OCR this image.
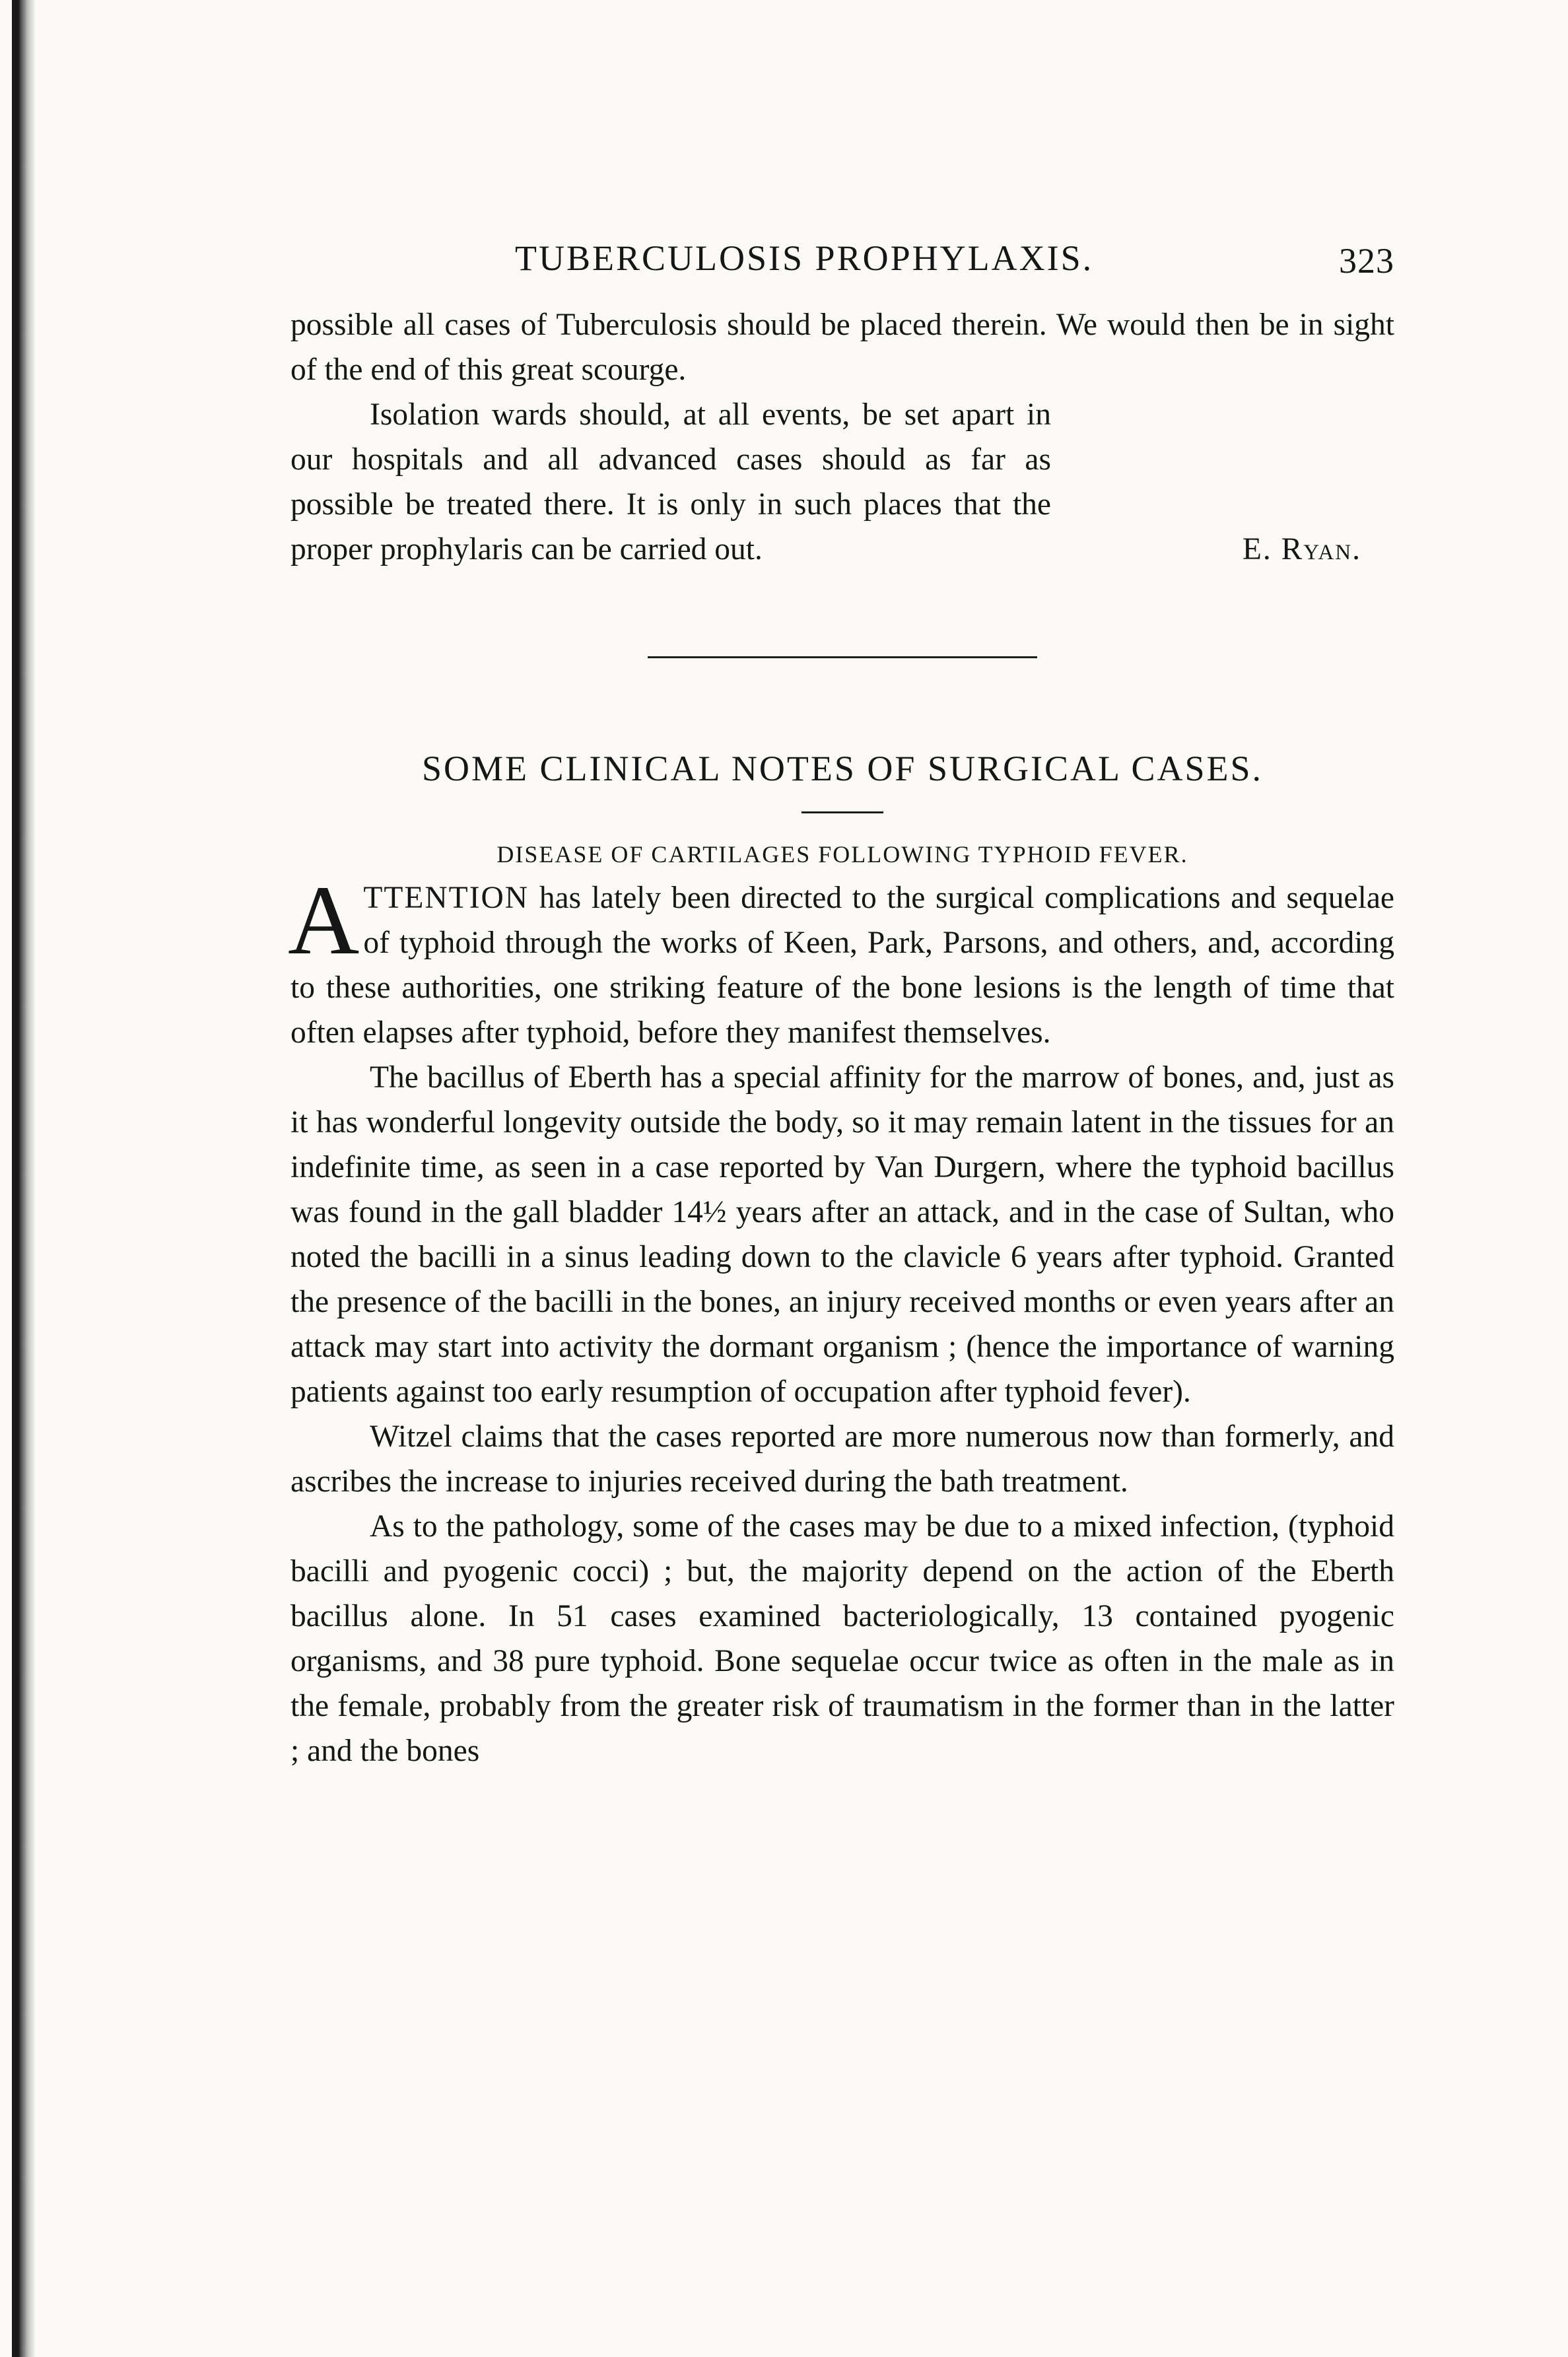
TUBERCULOSIS PROPHYLAXIS.	323

possible all cases of Tuberculosis should be placed therein. We would then be in sight of the end of this great scourge.

Isolation wards should, at all events, be set apart in our hospitals and all advanced cases should as far as possible be treated there. It is only in such places that the proper prophylaris can be carried out.	E. Ryan.
SOME CLINICAL NOTES OF SURGICAL CASES.
DISEASE OF CARTILAGES FOLLOWING TYPHOID FEVER.

ATTENTION has lately been directed to the surgical complications and sequelae of typhoid through the works of Keen, Park, Parsons, and others, and, according to these authorities, one striking feature of the bone lesions is the length of time that often elapses after typhoid, before they manifest themselves.

The bacillus of Eberth has a special affinity for the marrow of bones, and, just as it has wonderful longevity outside the body, so it may remain latent in the tissues for an indefinite time, as seen in a case reported by Van Durgern, where the typhoid bacillus was found in the gall bladder 14½ years after an attack, and in the case of Sultan, who noted the bacilli in a sinus leading down to the clavicle 6 years after typhoid. Granted the presence of the bacilli in the bones, an injury received months or even years after an attack may start into activity the dormant organism ; (hence the importance of warning patients against too early resumption of occupation after typhoid fever).

Witzel claims that the cases reported are more numerous now than formerly, and ascribes the increase to injuries received during the bath treatment.

As to the pathology, some of the cases may be due to a mixed infection, (typhoid bacilli and pyogenic cocci) ; but, the majority depend on the action of the Eberth bacillus alone. In 51 cases examined bacteriologically, 13 contained pyogenic organisms, and 38 pure typhoid. Bone sequelae occur twice as often in the male as in the female, probably from the greater risk of traumatism in the former than in the latter ; and the bones
